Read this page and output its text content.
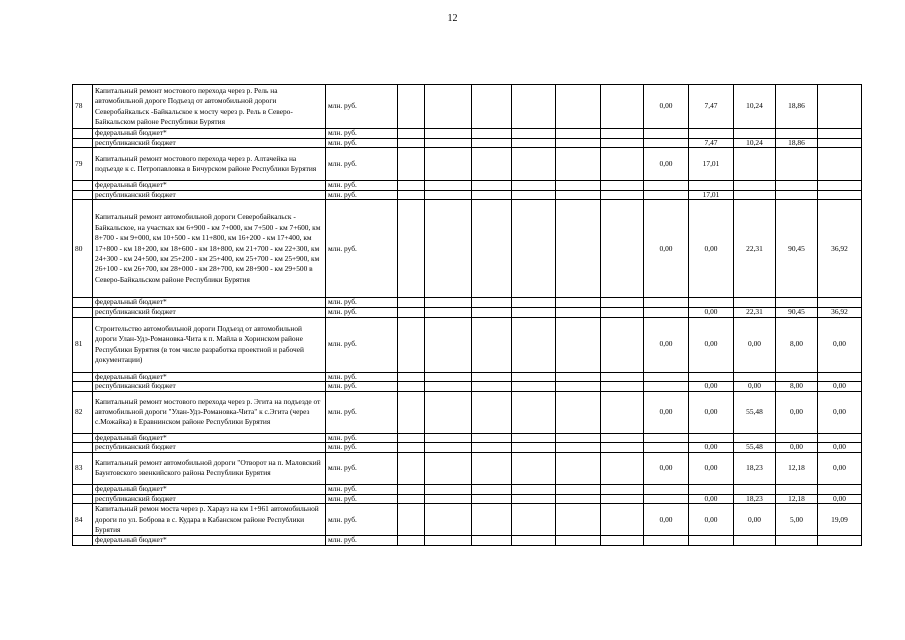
12
78	Капитальный ремонт мостового перехода через р. Рель на автомобильной дороге Подъезд от автомобильной дороги Северобайкальск -Байкальское к мосту через р. Рель в Северо-Байкальском районе Республики Бурятия	млн. руб.							0,00	7,47	10,24	18,86	
	федеральный бюджет*	млн. руб.											
	республиканский бюджет	млн. руб.								7,47	10,24	18,86	
79	Капитальный ремонт мостового перехода через р. Алтачейка на подъезде к с. Петропавловка в Бичурском районе Республики Бурятия	млн. руб.							0,00	17,01			
	федеральный бюджет*	млн. руб.											
	республиканский бюджет	млн. руб.								17,01			
80	Капитальный ремонт автомобильной дороги Северобайкальск - Байкальское, на участках км 6+900 - км 7+000, км 7+500 - км 7+600, км 8+700 - км 9+000, км 10+500 - км 11+800, км 16+200 - км 17+400, км 17+800 - км 18+200, км 18+600 - км 18+800, км 21+700 - км 22+300, км 24+300 - км 24+500, км 25+200 - км 25+400, км 25+700 - км 25+900, км 26+100 - км 26+700, км 28+000 - км 28+700, км 28+900 - км 29+500 в Северо-Байкальском районе Республики Бурятия	млн. руб.							0,00	0,00	22,31	90,45	36,92
	федеральный бюджет*	млн. руб.											
	республиканский бюджет	млн. руб.								0,00	22,31	90,45	36,92
81	Строительство автомобильной дороги Подъезд от автомобильной дороги Улан-Удэ-Романовка-Чита к п. Майла в Хоринском районе Республики Бурятия (в том числе разработка проектной и рабочей документации)	млн. руб.							0,00	0,00	0,00	8,00	0,00
	федеральный бюджет*	млн. руб.											
	республиканский бюджет	млн. руб.								0,00	0,00	8,00	0,00
82	Капитальный ремонт мостового перехода через р. Эгита на подъезде от автомобильной дороги "Улан-Удэ-Романовка-Чита" к с.Эгита (через с.Можайка) в Еравнинском районе Республики Бурятия	млн. руб.							0,00	0,00	55,48	0,00	0,00
	федеральный бюджет*	млн. руб.											
	республиканский бюджет	млн. руб.								0,00	55,48	0,00	0,00
83	Капитальный ремонт автомобильной дороги "Отворот на п. Маловский Баунтовского эвенкийского района Республики Бурятия	млн. руб.							0,00	0,00	18,23	12,18	0,00
	федеральный бюджет*	млн. руб.											
	республиканский бюджет	млн. руб.								0,00	18,23	12,18	0,00
84	Капитальный ремон моста через р. Харауз на км 1+961 автомобильной дороги по ул. Боброва в с. Кудара в Кабанском районе Республики Бурятия	млн. руб.							0,00	0,00	0,00	5,00	19,09
	федеральный бюджет*	млн. руб.											
